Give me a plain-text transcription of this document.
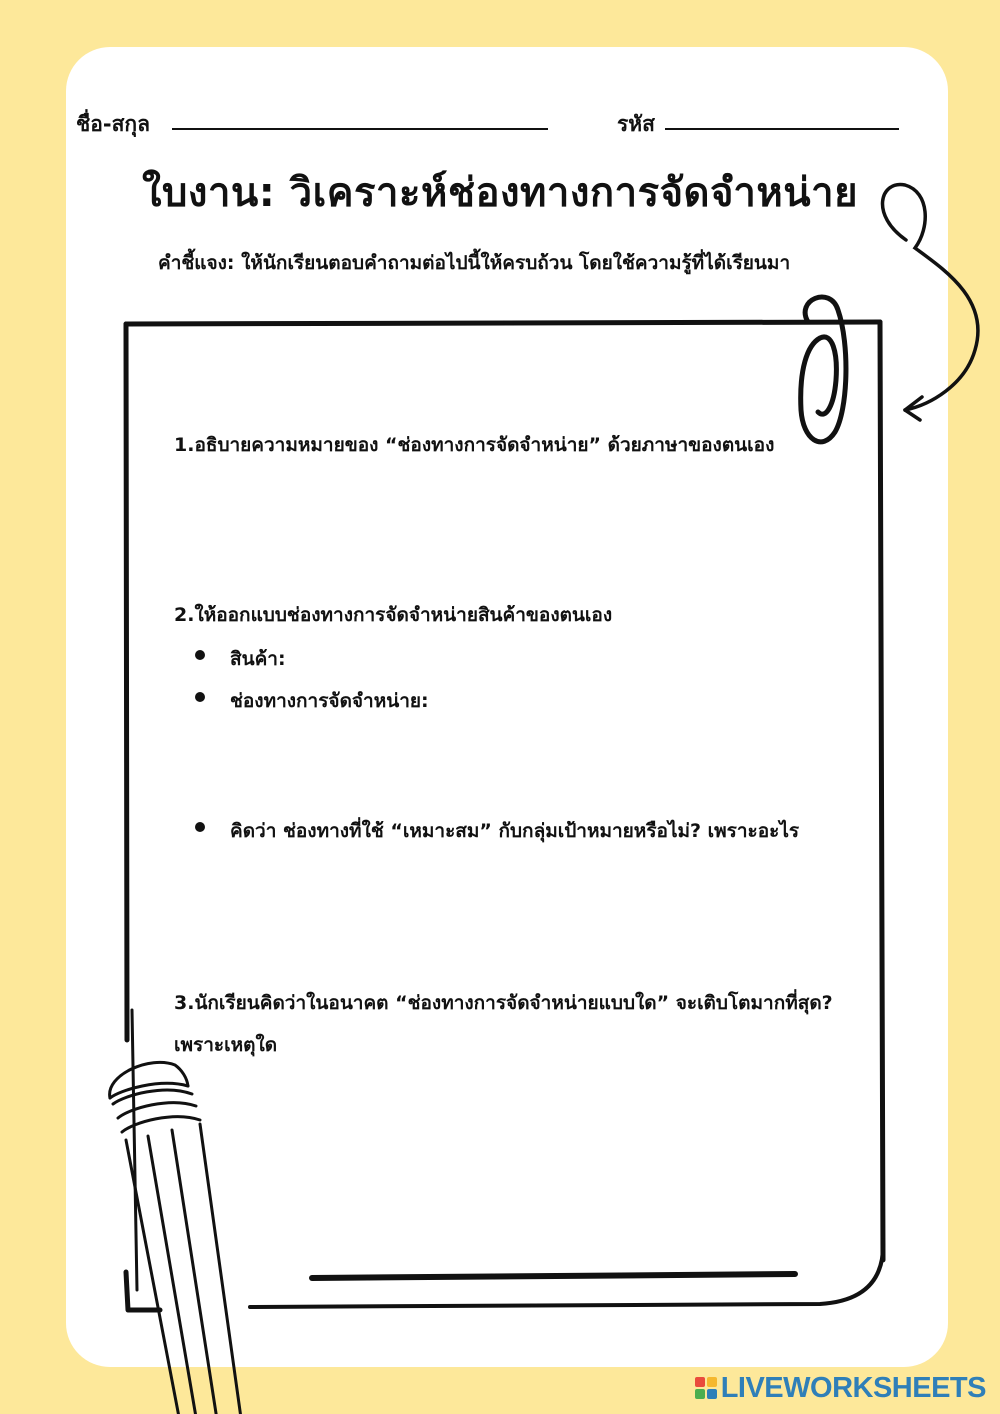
ชื่อ-สกุล	รหัส
ใบงาน: วิเคราะห์ช่องทางการจัดจำหน่าย
คำชี้แจง: ให้นักเรียนตอบคำถามต่อไปนี้ให้ครบถ้วน โดยใช้ความรู้ที่ได้เรียนมา
1.อธิบายความหมายของ “ช่องทางการจัดจำหน่าย” ด้วยภาษาของตนเอง
2.ให้ออกแบบช่องทางการจัดจำหน่ายสินค้าของตนเอง
สินค้า:
ช่องทางการจัดจำหน่าย:
คิดว่า ช่องทางที่ใช้ “เหมาะสม” กับกลุ่มเป้าหมายหรือไม่? เพราะอะไร
3.นักเรียนคิดว่าในอนาคต “ช่องทางการจัดจำหน่ายแบบใด” จะเติบโตมากที่สุด?
เพราะเหตุใด
LIVEWORKSHEETS
